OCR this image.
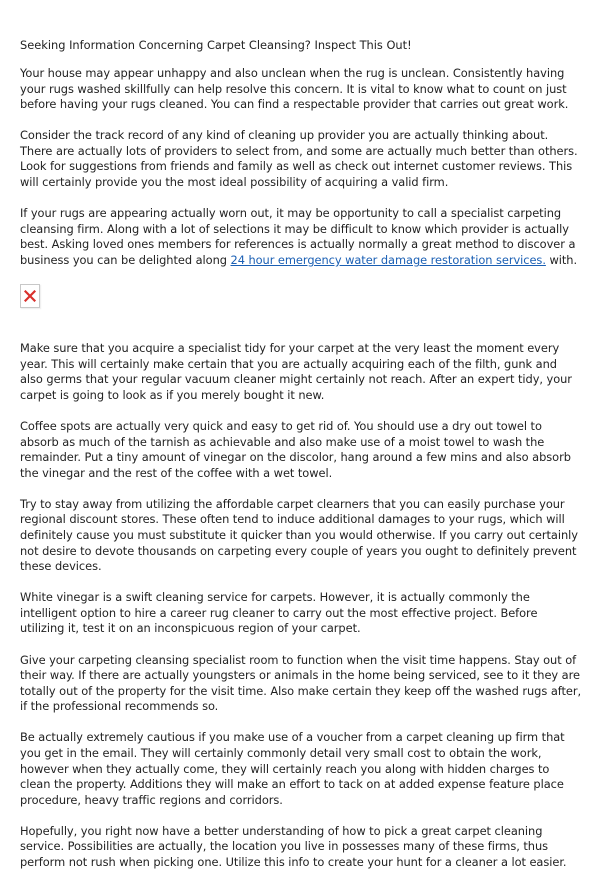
Seeking Information Concerning Carpet Cleansing? Inspect This Out!

Your house may appear unhappy and also unclean when the rug is unclean. Consistently having your rugs washed skillfully can help resolve this concern. It is vital to know what to count on just before having your rugs cleaned. You can find a respectable provider that carries out great work.

Consider the track record of any kind of cleaning up provider you are actually thinking about. There are actually lots of providers to select from, and some are actually much better than others. Look for suggestions from friends and family as well as check out internet customer reviews. This will certainly provide you the most ideal possibility of acquiring a valid firm.

If your rugs are appearing actually worn out, it may be opportunity to call a specialist carpeting cleansing firm. Along with a lot of selections it may be difficult to know which provider is actually best. Asking loved ones members for references is actually normally a great method to discover a business you can be delighted along 24 hour emergency water damage restoration services. with.

Make sure that you acquire a specialist tidy for your carpet at the very least the moment every year. This will certainly make certain that you are actually acquiring each of the filth, gunk and also germs that your regular vacuum cleaner might certainly not reach. After an expert tidy, your carpet is going to look as if you merely bought it new.

Coffee spots are actually very quick and easy to get rid of. You should use a dry out towel to absorb as much of the tarnish as achievable and also make use of a moist towel to wash the remainder. Put a tiny amount of vinegar on the discolor, hang around a few mins and also absorb the vinegar and the rest of the coffee with a wet towel.

Try to stay away from utilizing the affordable carpet clearners that you can easily purchase your regional discount stores. These often tend to induce additional damages to your rugs, which will definitely cause you must substitute it quicker than you would otherwise. If you carry out certainly not desire to devote thousands on carpeting every couple of years you ought to definitely prevent these devices.

White vinegar is a swift cleaning service for carpets. However, it is actually commonly the intelligent option to hire a career rug cleaner to carry out the most effective project. Before utilizing it, test it on an inconspicuous region of your carpet.

Give your carpeting cleansing specialist room to function when the visit time happens. Stay out of their way. If there are actually youngsters or animals in the home being serviced, see to it they are totally out of the property for the visit time. Also make certain they keep off the washed rugs after, if the professional recommends so.

Be actually extremely cautious if you make use of a voucher from a carpet cleaning up firm that you get in the email. They will certainly commonly detail very small cost to obtain the work, however when they actually come, they will certainly reach you along with hidden charges to clean the property. Additions they will make an effort to tack on at added expense feature place procedure, heavy traffic regions and corridors.

Hopefully, you right now have a better understanding of how to pick a great carpet cleaning service. Possibilities are actually, the location you live in possesses many of these firms, thus perform not rush when picking one. Utilize this info to create your hunt for a cleaner a lot easier.
